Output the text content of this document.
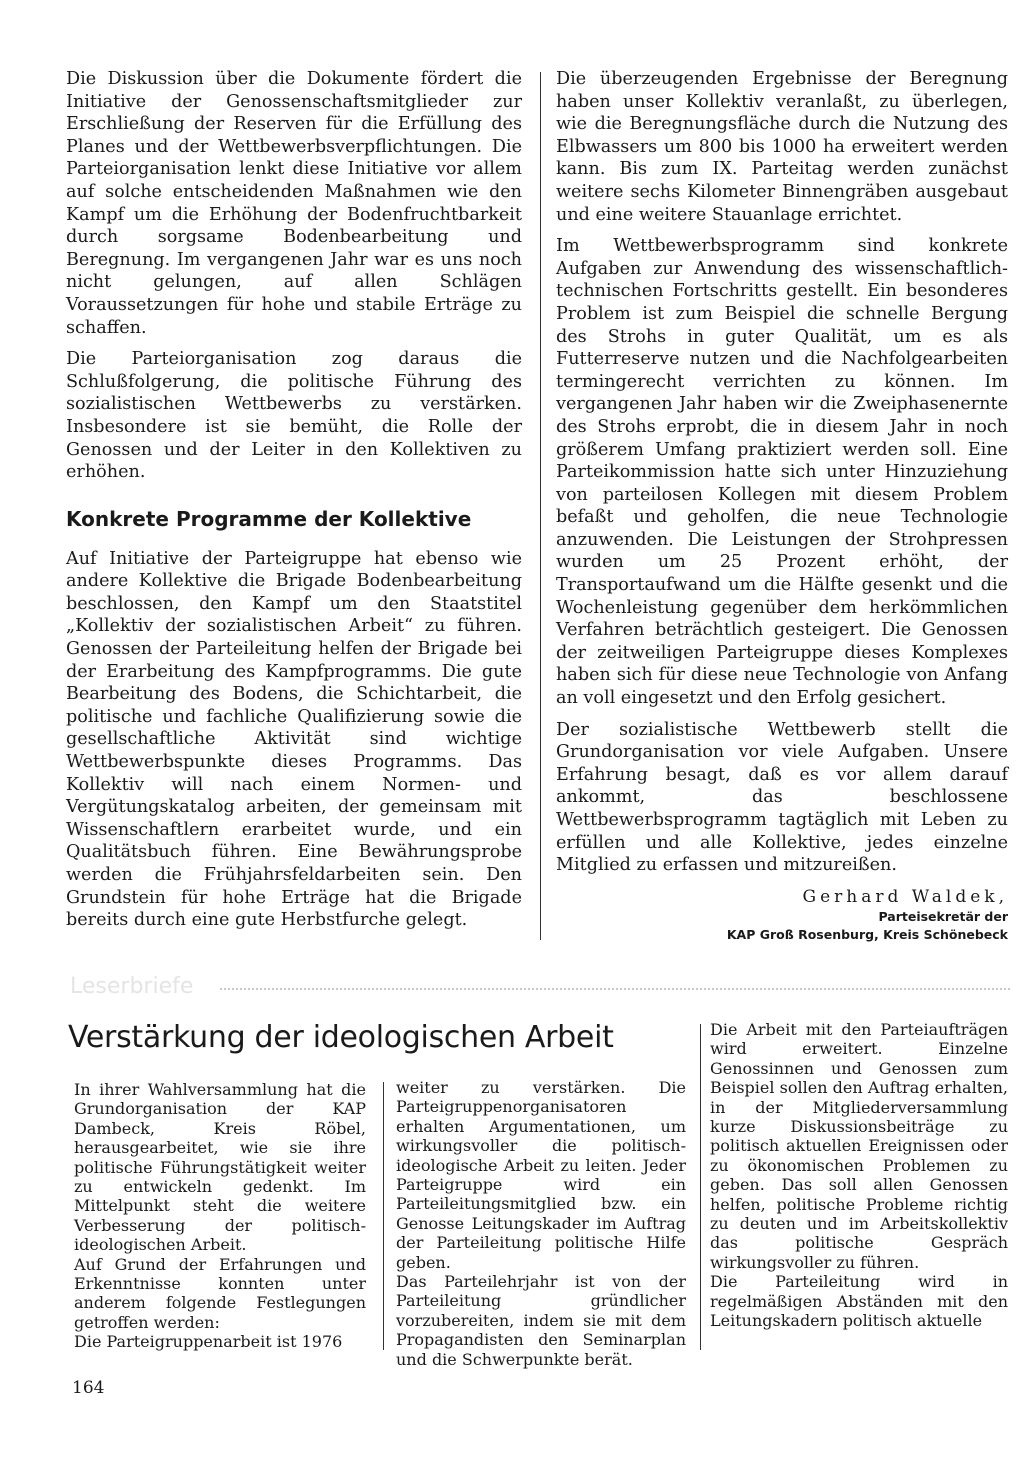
Die Diskussion über die Dokumente fördert die Initiative der Genossenschaftsmitglieder zur Erschließung der Reserven für die Erfüllung des Planes und der Wettbewerbsverpflichtungen. Die Parteiorganisation lenkt diese Initiative vor allem auf solche entscheidenden Maßnahmen wie den Kampf um die Erhöhung der Bodenfruchtbarkeit durch sorgsame Bodenbearbeitung und Beregnung. Im vergangenen Jahr war es uns noch nicht gelungen, auf allen Schlägen Voraussetzungen für hohe und stabile Erträge zu schaffen.

Die Parteiorganisation zog daraus die Schlußfolgerung, die politische Führung des sozialistischen Wettbewerbs zu verstärken. Insbesondere ist sie bemüht, die Rolle der Genossen und der Leiter in den Kollektiven zu erhöhen.

Konkrete Programme der Kollektive

Auf Initiative der Parteigruppe hat ebenso wie andere Kollektive die Brigade Bodenbearbeitung beschlossen, den Kampf um den Staatstitel „Kollektiv der sozialistischen Arbeit“ zu führen. Genossen der Parteileitung helfen der Brigade bei der Erarbeitung des Kampfprogramms. Die gute Bearbeitung des Bodens, die Schichtarbeit, die politische und fachliche Qualifizierung sowie die gesellschaftliche Aktivität sind wichtige Wettbewerbspunkte dieses Programms. Das Kollektiv will nach einem Normen- und Vergütungskatalog arbeiten, der gemeinsam mit Wissenschaftlern erarbeitet wurde, und ein Qualitätsbuch führen. Eine Bewährungsprobe werden die Frühjahrsfeldarbeiten sein. Den Grundstein für hohe Erträge hat die Brigade bereits durch eine gute Herbstfurche gelegt.

Die überzeugenden Ergebnisse der Beregnung haben unser Kollektiv veranlaßt, zu überlegen, wie die Beregnungsfläche durch die Nutzung des Elbwassers um 800 bis 1000 ha erweitert werden kann. Bis zum IX. Parteitag werden zunächst weitere sechs Kilometer Binnengräben ausgebaut und eine weitere Stauanlage errichtet.

Im Wettbewerbsprogramm sind konkrete Aufgaben zur Anwendung des wissenschaftlich-technischen Fortschritts gestellt. Ein besonderes Problem ist zum Beispiel die schnelle Bergung des Strohs in guter Qualität, um es als Futterreserve nutzen und die Nachfolgearbeiten termingerecht verrichten zu können. Im vergangenen Jahr haben wir die Zweiphasenernte des Strohs erprobt, die in diesem Jahr in noch größerem Umfang praktiziert werden soll. Eine Parteikommission hatte sich unter Hinzuziehung von parteilosen Kollegen mit diesem Problem befaßt und geholfen, die neue Technologie anzuwenden. Die Leistungen der Strohpressen wurden um 25 Prozent erhöht, der Transportaufwand um die Hälfte gesenkt und die Wochenleistung gegenüber dem herkömmlichen Verfahren beträchtlich gesteigert. Die Genossen der zeitweiligen Parteigruppe dieses Komplexes haben sich für diese neue Technologie von Anfang an voll eingesetzt und den Erfolg gesichert.

Der sozialistische Wettbewerb stellt die Grundorganisation vor viele Aufgaben. Unsere Erfahrung besagt, daß es vor allem darauf ankommt, das beschlossene Wettbewerbsprogramm tagtäglich mit Leben zu erfüllen und alle Kollektive, jedes einzelne Mitglied zu erfassen und mitzureißen.

Gerhard Waldek,
Parteisekretär der
KAP Groß Rosenburg, Kreis Schönebeck
Leserbriefe
Verstärkung der ideologischen Arbeit

In ihrer Wahlversammlung hat die Grundorganisation der KAP Dambeck, Kreis Röbel, herausgearbeitet, wie sie ihre politische Führungstätigkeit weiter zu entwickeln gedenkt. Im Mittelpunkt steht die weitere Verbesserung der politisch-ideologischen Arbeit.

Auf Grund der Erfahrungen und Erkenntnisse konnten unter anderem folgende Festlegungen getroffen werden:

Die Parteigruppenarbeit ist 1976

weiter zu verstärken. Die Parteigruppenorganisatoren erhalten Argumentationen, um wirkungsvoller die politisch-ideologische Arbeit zu leiten. Jeder Parteigruppe wird ein Parteileitungsmitglied bzw. ein Genosse Leitungskader im Auftrag der Parteileitung politische Hilfe geben.

Das Parteilehrjahr ist von der Parteileitung gründlicher vorzubereiten, indem sie mit dem Propagandisten den Seminarplan und die Schwerpunkte berät.

Die Arbeit mit den Parteiaufträgen wird erweitert. Einzelne Genossinnen und Genossen zum Beispiel sollen den Auftrag erhalten, in der Mitgliederversammlung kurze Diskussionsbeiträge zu politisch aktuellen Ereignissen oder zu ökonomischen Problemen zu geben. Das soll allen Genossen helfen, politische Probleme richtig zu deuten und im Arbeitskollektiv das politische Gespräch wirkungsvoller zu führen.

Die Parteileitung wird in regelmäßigen Abständen mit den Leitungskadern politisch aktuelle

164
